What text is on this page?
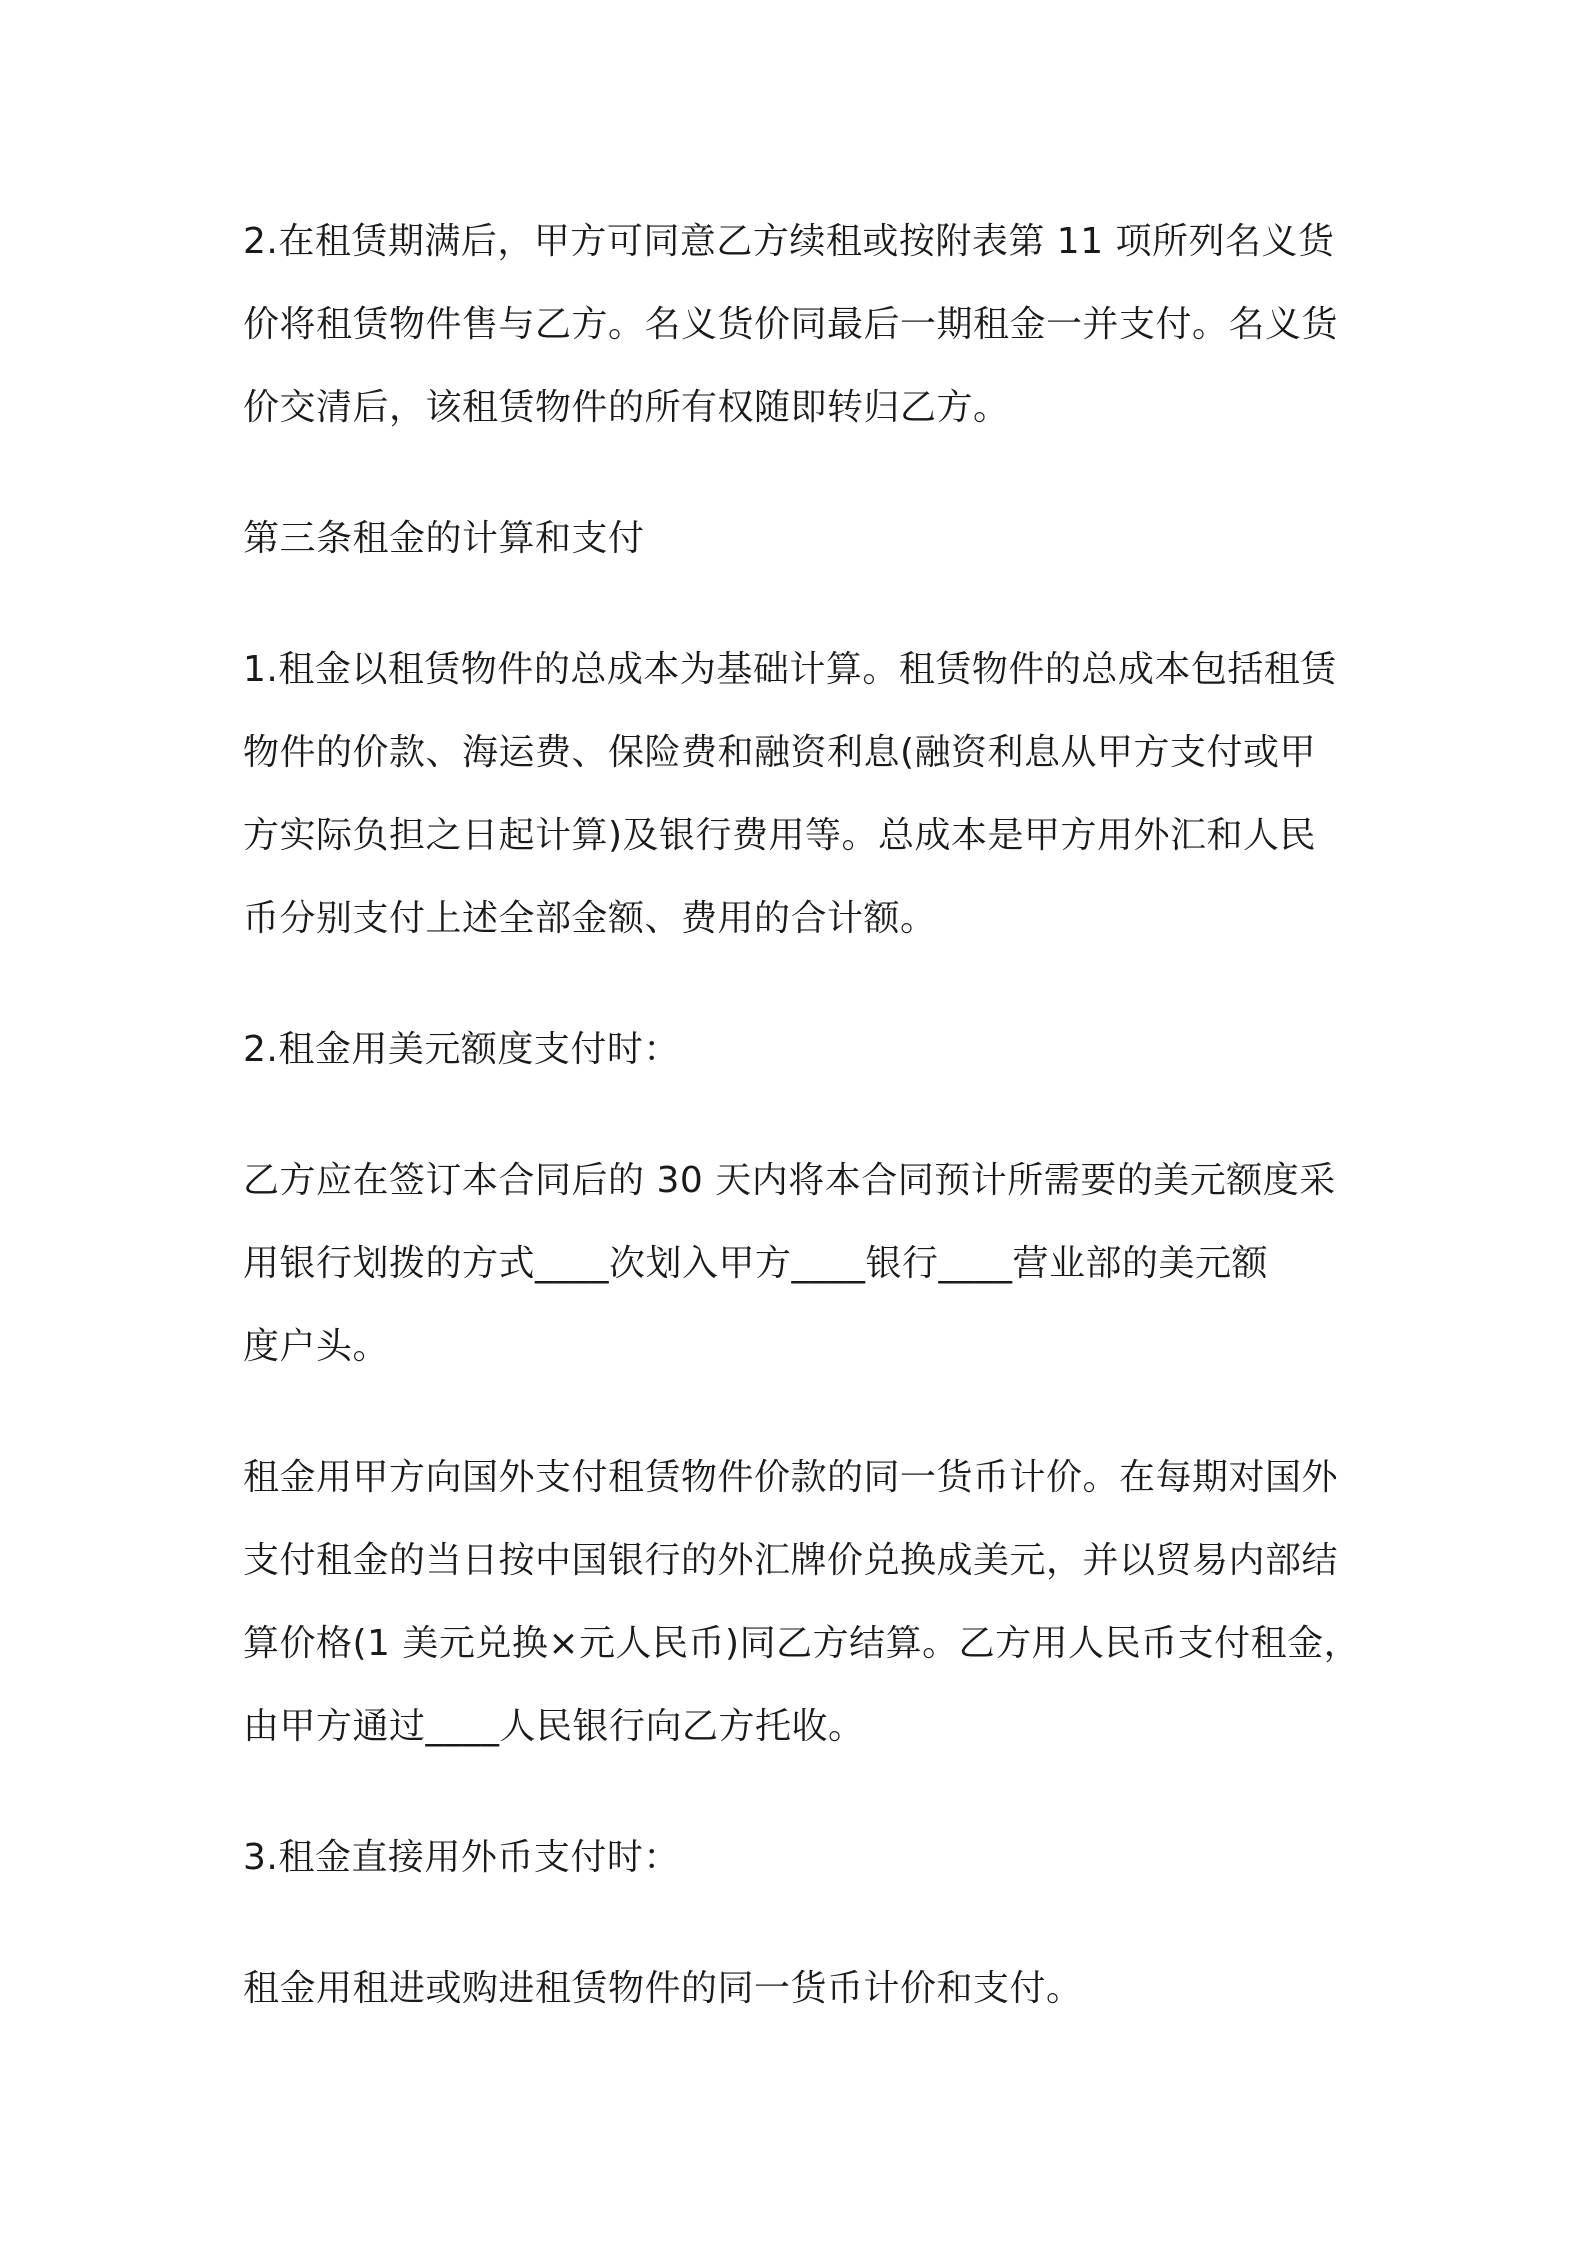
2.在租赁期满后，甲方可同意乙方续租或按附表第 11 项所列名义货
价将租赁物件售与乙方。名义货价同最后一期租金一并支付。名义货
价交清后，该租赁物件的所有权随即转归乙方。

第三条租金的计算和支付

1.租金以租赁物件的总成本为基础计算。租赁物件的总成本包括租赁
物件的价款、海运费、保险费和融资利息(融资利息从甲方支付或甲
方实际负担之日起计算)及银行费用等。总成本是甲方用外汇和人民
币分别支付上述全部金额、费用的合计额。

2.租金用美元额度支付时：

乙方应在签订本合同后的 30 天内将本合同预计所需要的美元额度采
用银行划拨的方式____次划入甲方____银行____营业部的美元额
度户头。

租金用甲方向国外支付租赁物件价款的同一货币计价。在每期对国外
支付租金的当日按中国银行的外汇牌价兑换成美元，并以贸易内部结
算价格(1 美元兑换×元人民币)同乙方结算。乙方用人民币支付租金，
由甲方通过____人民银行向乙方托收。

3.租金直接用外币支付时：

租金用租进或购进租赁物件的同一货币计价和支付。
